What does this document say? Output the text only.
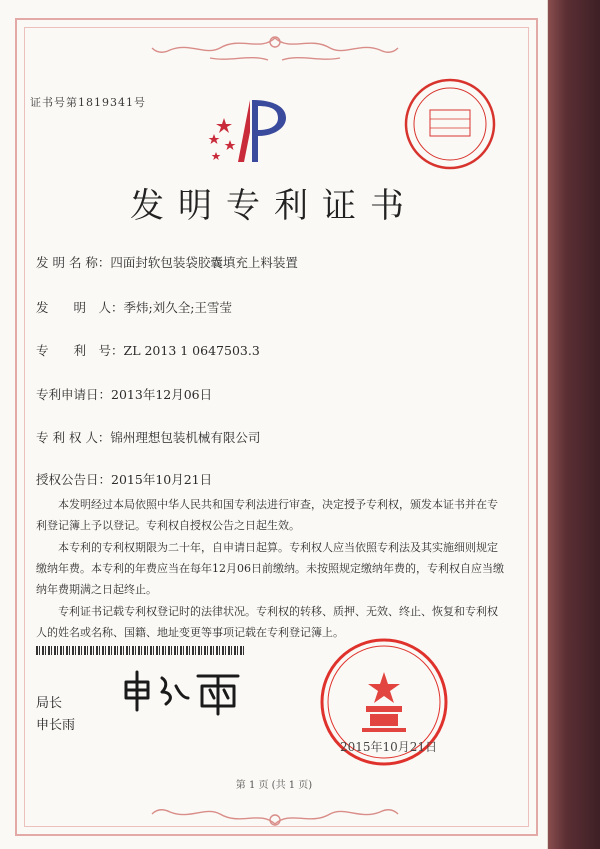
证书号第1819341号
发明专利证书
发 明 名 称：四面封软包装袋胶囊填充上料装置
发　　明　人：季炜;刘久全;王雪莹
专　　利　号：ZL 2013 1 0647503.3
专利申请日：2013年12月06日
专 利 权 人：锦州理想包装机械有限公司
授权公告日：2015年10月21日

本发明经过本局依照中华人民共和国专利法进行审查，决定授予专利权，颁发本证书并在专利登记簿上予以登记。专利权自授权公告之日起生效。

本专利的专利权期限为二十年，自申请日起算。专利权人应当依照专利法及其实施细则规定缴纳年费。本专利的年费应当在每年12月06日前缴纳。未按照规定缴纳年费的，专利权自应当缴纳年费期满之日起终止。

专利证书记载专利权登记时的法律状况。专利权的转移、质押、无效、终止、恢复和专利权人的姓名或名称、国籍、地址变更等事项记载在专利登记簿上。

局长
申长雨
2015年10月21日
第 1 页 (共 1 页)
